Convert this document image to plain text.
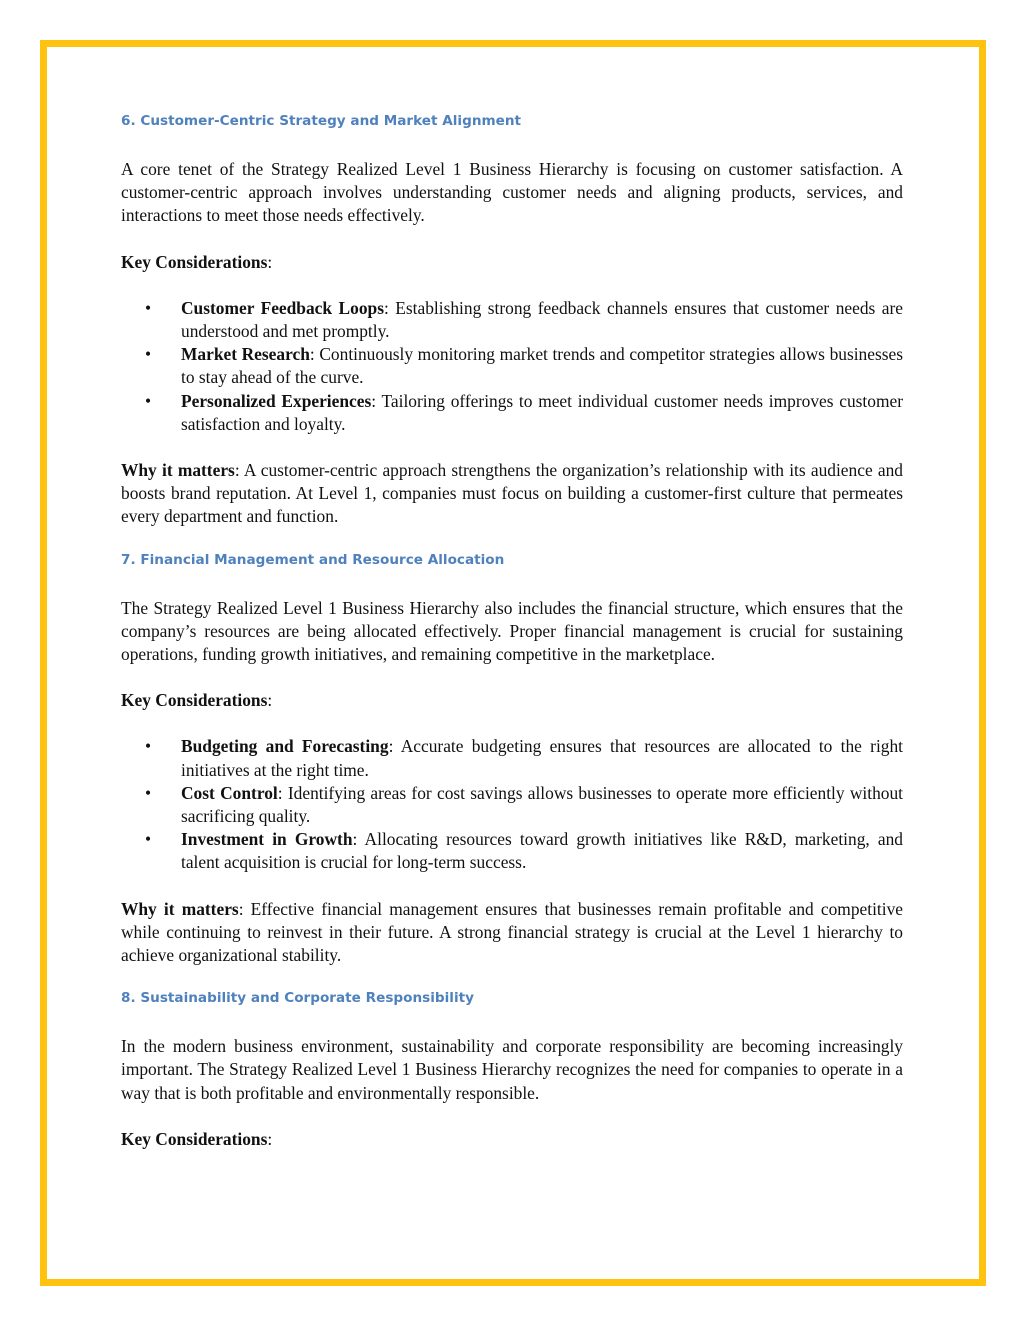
6. Customer-Centric Strategy and Market Alignment

A core tenet of the Strategy Realized Level 1 Business Hierarchy is focusing on customer satisfaction. A customer-centric approach involves understanding customer needs and aligning products, services, and interactions to meet those needs effectively.

Key Considerations:

• Customer Feedback Loops: Establishing strong feedback channels ensures that customer needs are understood and met promptly.
• Market Research: Continuously monitoring market trends and competitor strategies allows businesses to stay ahead of the curve.
• Personalized Experiences: Tailoring offerings to meet individual customer needs improves customer satisfaction and loyalty.

Why it matters: A customer-centric approach strengthens the organization’s relationship with its audience and boosts brand reputation. At Level 1, companies must focus on building a customer-first culture that permeates every department and function.

7. Financial Management and Resource Allocation

The Strategy Realized Level 1 Business Hierarchy also includes the financial structure, which ensures that the company’s resources are being allocated effectively. Proper financial management is crucial for sustaining operations, funding growth initiatives, and remaining competitive in the marketplace.

Key Considerations:

• Budgeting and Forecasting: Accurate budgeting ensures that resources are allocated to the right initiatives at the right time.
• Cost Control: Identifying areas for cost savings allows businesses to operate more efficiently without sacrificing quality.
• Investment in Growth: Allocating resources toward growth initiatives like R&D, marketing, and talent acquisition is crucial for long-term success.

Why it matters: Effective financial management ensures that businesses remain profitable and competitive while continuing to reinvest in their future. A strong financial strategy is crucial at the Level 1 hierarchy to achieve organizational stability.

8. Sustainability and Corporate Responsibility

In the modern business environment, sustainability and corporate responsibility are becoming increasingly important. The Strategy Realized Level 1 Business Hierarchy recognizes the need for companies to operate in a way that is both profitable and environmentally responsible.

Key Considerations:
